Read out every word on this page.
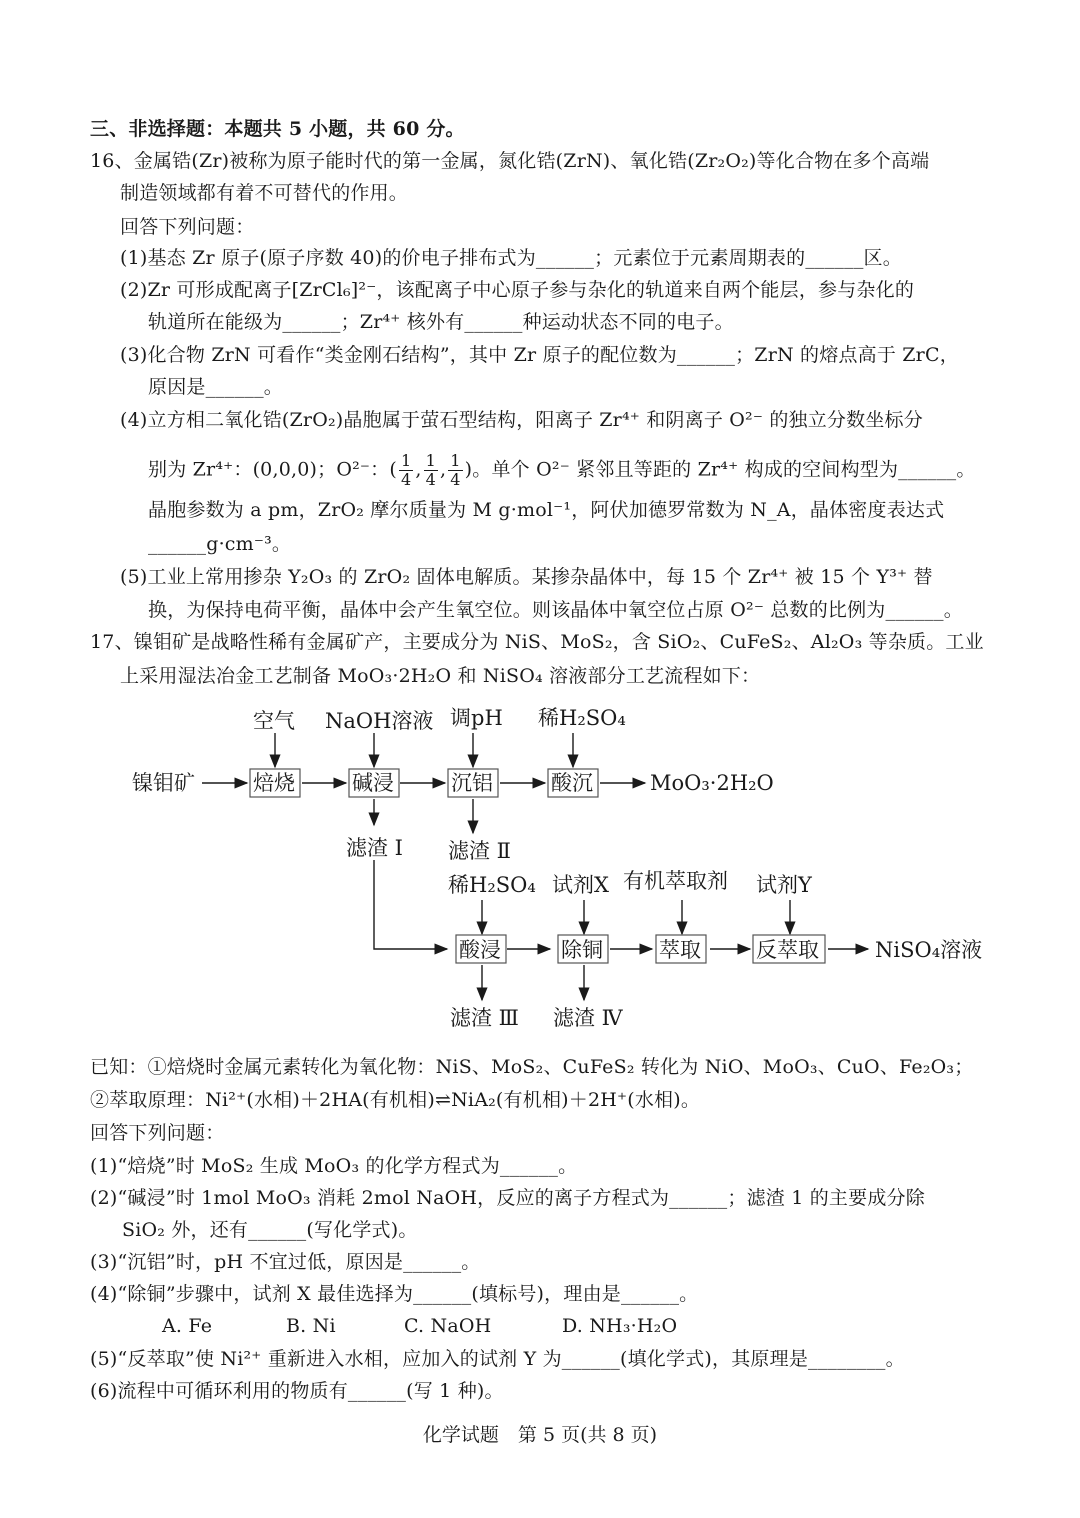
三、非选择题：本题共 5 小题，共 60 分。
16、金属锆(Zr)被称为原子能时代的第一金属，氮化锆(ZrN)、氧化锆(Zr₂O₂)等化合物在多个高端
制造领域都有着不可替代的作用。
回答下列问题：
(1)基态 Zr 原子(原子序数 40)的价电子排布式为______；元素位于元素周期表的______区。
(2)Zr 可形成配离子[ZrCl₆]²⁻，该配离子中心原子参与杂化的轨道来自两个能层，参与杂化的
轨道所在能级为______；Zr⁴⁺ 核外有______种运动状态不同的电子。
(3)化合物 ZrN 可看作“类金刚石结构”，其中 Zr 原子的配位数为______；ZrN 的熔点高于 ZrC，
原因是______。
(4)立方相二氧化锆(ZrO₂)晶胞属于萤石型结构，阳离子 Zr⁴⁺ 和阴离子 O²⁻ 的独立分数坐标分
别为 Zr⁴⁺：(0,0,0)；O²⁻：( $\frac{1}{4}$ , $\frac{1}{4}$ , $\frac{1}{4}$ )。单个 O²⁻ 紧邻且等距的 Zr⁴⁺ 构成的空间构型为______。
晶胞参数为 a pm，ZrO₂ 摩尔质量为 M g·mol⁻¹，阿伏加德罗常数为 N_A，晶体密度表达式
______g·cm⁻³。
(5)工业上常用掺杂 Y₂O₃ 的 ZrO₂ 固体电解质。某掺杂晶体中，每 15 个 Zr⁴⁺ 被 15 个 Y³⁺ 替
换，为保持电荷平衡，晶体中会产生氧空位。则该晶体中氧空位占原 O²⁻ 总数的比例为______。
17、镍钼矿是战略性稀有金属矿产，主要成分为 NiS、MoS₂，含 SiO₂、CuFeS₂、Al₂O₃ 等杂质。工业
上采用湿法冶金工艺制备 MoO₃·2H₂O 和 NiSO₄ 溶液部分工艺流程如下：
空气 NaOH溶液 调pH 稀H₂SO₄
镍钼矿	焙烧	碱浸	沉铝	酸沉	MoO₃·2H₂O
滤渣 Ⅰ 滤渣 Ⅱ
稀H₂SO₄ 试剂X 有机萃取剂 试剂Y
酸浸	除铜	萃取	反萃取	NiSO₄溶液
滤渣 Ⅲ 滤渣 Ⅳ
已知：①焙烧时金属元素转化为氧化物：NiS、MoS₂、CuFeS₂ 转化为 NiO、MoO₃、CuO、Fe₂O₃；
②萃取原理：Ni²⁺(水相)＋2HA(有机相)⇌NiA₂(有机相)＋2H⁺(水相)。
回答下列问题：
(1)“焙烧”时 MoS₂ 生成 MoO₃ 的化学方程式为______。
(2)“碱浸”时 1mol MoO₃ 消耗 2mol NaOH，反应的离子方程式为______；滤渣 1 的主要成分除
SiO₂ 外，还有______(写化学式)。
(3)“沉铝”时，pH 不宜过低，原因是______。
(4)“除铜”步骤中，试剂 X 最佳选择为______(填标号)，理由是______。
A. Fe	B. Ni	C. NaOH	D. NH₃·H₂O
(5)“反萃取”使 Ni²⁺ 重新进入水相，应加入的试剂 Y 为______(填化学式)，其原理是________。
(6)流程中可循环利用的物质有______(写 1 种)。
化学试题　第 5 页(共 8 页)
